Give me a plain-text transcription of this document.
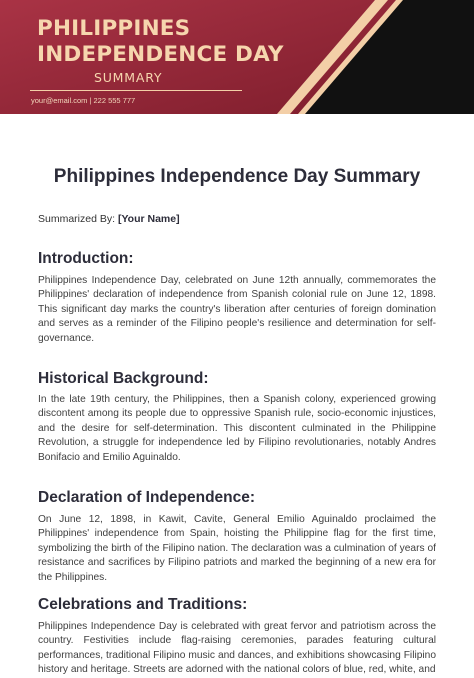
PHILIPPINES
INDEPENDENCE DAY
SUMMARY
your@email.com | 222 555 777
Philippines Independence Day Summary
Summarized By: [Your Name]
Introduction:
Philippines Independence Day, celebrated on June 12th annually, commemorates the Philippines' declaration of independence from Spanish colonial rule on June 12, 1898. This significant day marks the country's liberation after centuries of foreign domination and serves as a reminder of the Filipino people's resilience and determination for self-governance.
Historical Background:
In the late 19th century, the Philippines, then a Spanish colony, experienced growing discontent among its people due to oppressive Spanish rule, socio-economic injustices, and the desire for self-determination. This discontent culminated in the Philippine Revolution, a struggle for independence led by Filipino revolutionaries, notably Andres Bonifacio and Emilio Aguinaldo.
Declaration of Independence:
On June 12, 1898, in Kawit, Cavite, General Emilio Aguinaldo proclaimed the Philippines' independence from Spain, hoisting the Philippine flag for the first time, symbolizing the birth of the Filipino nation. The declaration was a culmination of years of resistance and sacrifices by Filipino patriots and marked the beginning of a new era for the Philippines.
Celebrations and Traditions:
Philippines Independence Day is celebrated with great fervor and patriotism across the country. Festivities include flag-raising ceremonies, parades featuring cultural performances, traditional Filipino music and dances, and exhibitions showcasing Filipino history and heritage. Streets are adorned with the national colors of blue, red, white, and
